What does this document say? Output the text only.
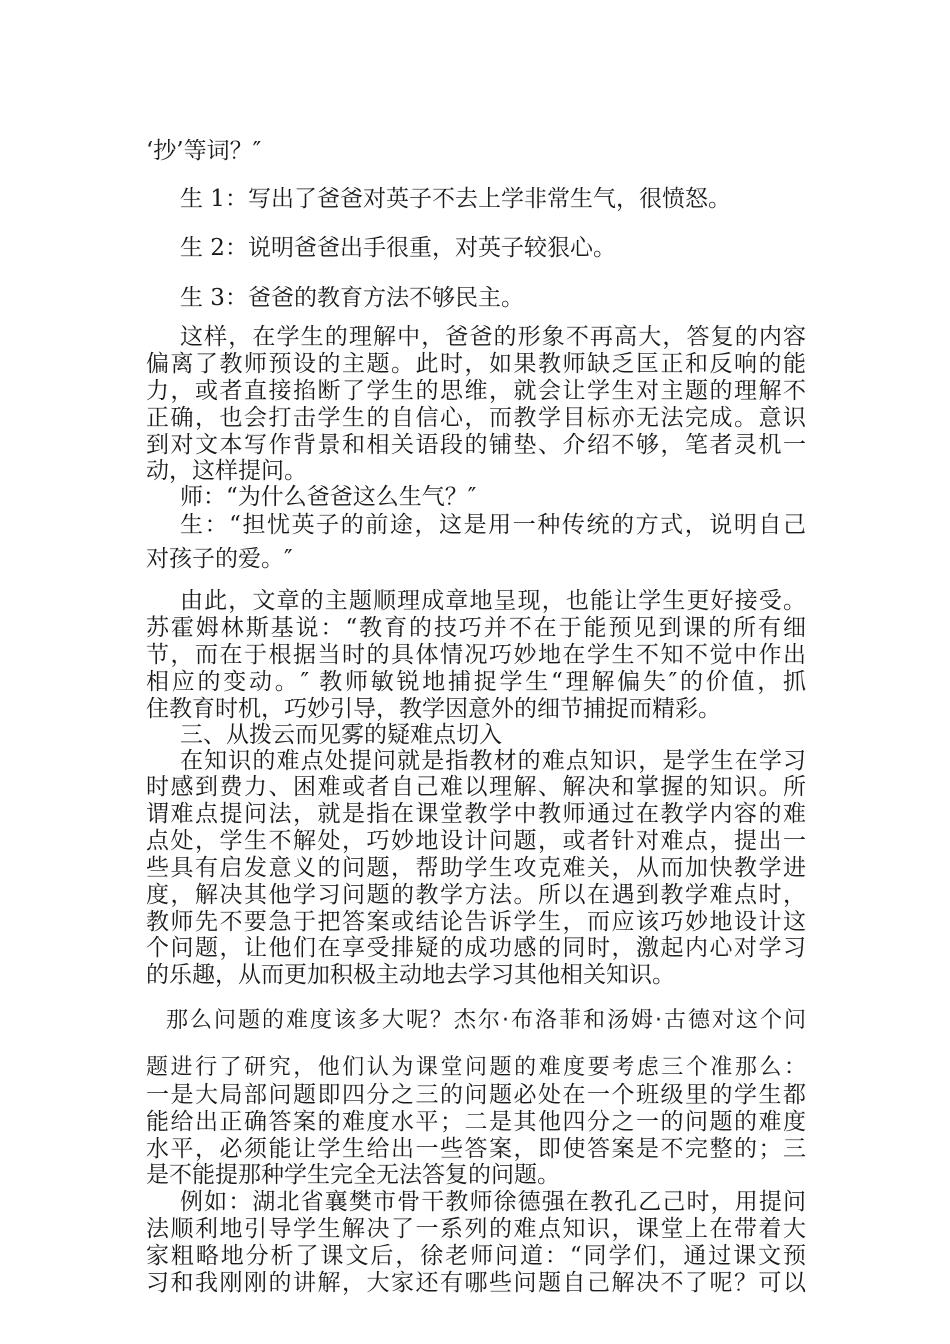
‘抄’等词？″
生 1：写出了爸爸对英子不去上学非常生气，很愤怒。
生 2：说明爸爸出手很重，对英子较狠心。
生 3：爸爸的教育方法不够民主。
这样，在学生的理解中，爸爸的形象不再高大，答复的内容
偏离了教师预设的主题。此时，如果教师缺乏匡正和反响的能
力，或者直接掐断了学生的思维，就会让学生对主题的理解不
正确，也会打击学生的自信心，而教学目标亦无法完成。意识
到对文本写作背景和相关语段的铺垫、介绍不够，笔者灵机一
动，这样提问。
师：“为什么爸爸这么生气？″
生：“担忧英子的前途，这是用一种传统的方式，说明自己
对孩子的爱。″
由此，文章的主题顺理成章地呈现，也能让学生更好接受。
苏霍姆林斯基说：“教育的技巧并不在于能预见到课的所有细
节，而在于根据当时的具体情况巧妙地在学生不知不觉中作出
相应的变动。″ 教师敏锐地捕捉学生“理解偏失″的价值，抓
住教育时机，巧妙引导，教学因意外的细节捕捉而精彩。
三、从拨云而见雾的疑难点切入
在知识的难点处提问就是指教材的难点知识，是学生在学习
时感到费力、困难或者自己难以理解、解决和掌握的知识。所
谓难点提问法，就是指在课堂教学中教师通过在教学内容的难
点处，学生不解处，巧妙地设计问题，或者针对难点，提出一
些具有启发意义的问题，帮助学生攻克难关，从而加快教学进
度，解决其他学习问题的教学方法。所以在遇到教学难点时，
教师先不要急于把答案或结论告诉学生，而应该巧妙地设计这
个问题，让他们在享受排疑的成功感的同时，激起内心对学习
的乐趣，从而更加积极主动地去学习其他相关知识。
那么问题的难度该多大呢？杰尔·布洛菲和汤姆·古德对这个问
题进行了研究，他们认为课堂问题的难度要考虑三个准那么：
一是大局部问题即四分之三的问题必处在一个班级里的学生都
能给出正确答案的难度水平；二是其他四分之一的问题的难度
水平，必须能让学生给出一些答案，即使答案是不完整的；三
是不能提那种学生完全无法答复的问题。
例如：湖北省襄樊市骨干教师徐德强在教孔乙己时，用提问
法顺利地引导学生解决了一系列的难点知识，课堂上在带着大
家粗略地分析了课文后，徐老师问道：“同学们，通过课文预
习和我刚刚的讲解，大家还有哪些问题自己解决不了呢？可以
